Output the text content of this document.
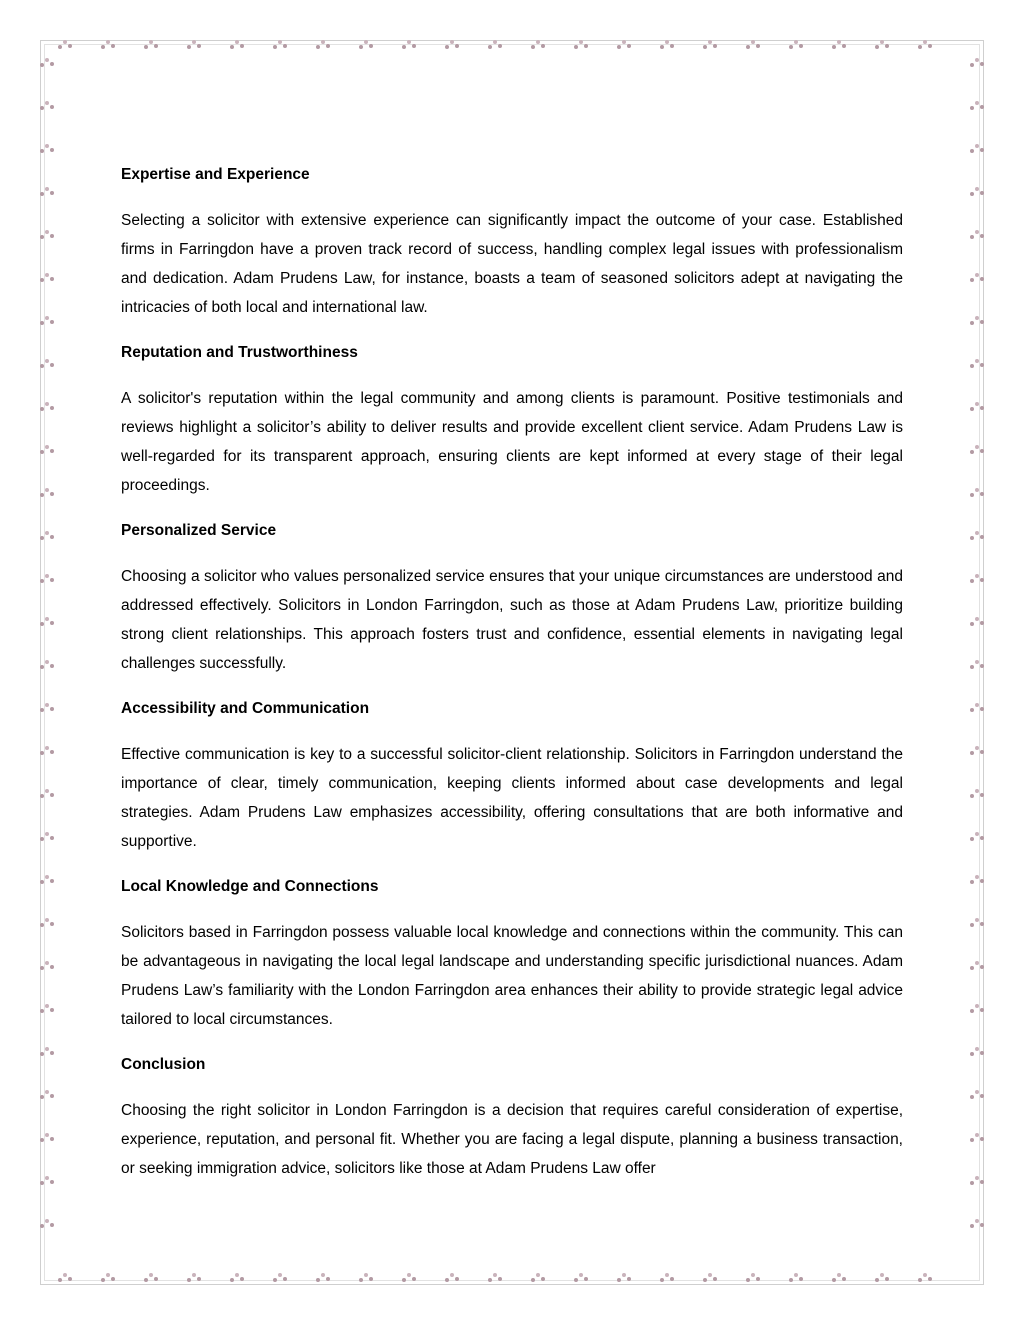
Expertise and Experience

Selecting a solicitor with extensive experience can significantly impact the outcome of your case. Established firms in Farringdon have a proven track record of success, handling complex legal issues with professionalism and dedication. Adam Prudens Law, for instance, boasts a team of seasoned solicitors adept at navigating the intricacies of both local and international law.

Reputation and Trustworthiness

A solicitor's reputation within the legal community and among clients is paramount. Positive testimonials and reviews highlight a solicitor’s ability to deliver results and provide excellent client service. Adam Prudens Law is well-regarded for its transparent approach, ensuring clients are kept informed at every stage of their legal proceedings.

Personalized Service

Choosing a solicitor who values personalized service ensures that your unique circumstances are understood and addressed effectively. Solicitors in London Farringdon, such as those at Adam Prudens Law, prioritize building strong client relationships. This approach fosters trust and confidence, essential elements in navigating legal challenges successfully.

Accessibility and Communication

Effective communication is key to a successful solicitor-client relationship. Solicitors in Farringdon understand the importance of clear, timely communication, keeping clients informed about case developments and legal strategies. Adam Prudens Law emphasizes accessibility, offering consultations that are both informative and supportive.

Local Knowledge and Connections

Solicitors based in Farringdon possess valuable local knowledge and connections within the community. This can be advantageous in navigating the local legal landscape and understanding specific jurisdictional nuances. Adam Prudens Law’s familiarity with the London Farringdon area enhances their ability to provide strategic legal advice tailored to local circumstances.

Conclusion

Choosing the right solicitor in London Farringdon is a decision that requires careful consideration of expertise, experience, reputation, and personal fit. Whether you are facing a legal dispute, planning a business transaction, or seeking immigration advice, solicitors like those at Adam Prudens Law offer
